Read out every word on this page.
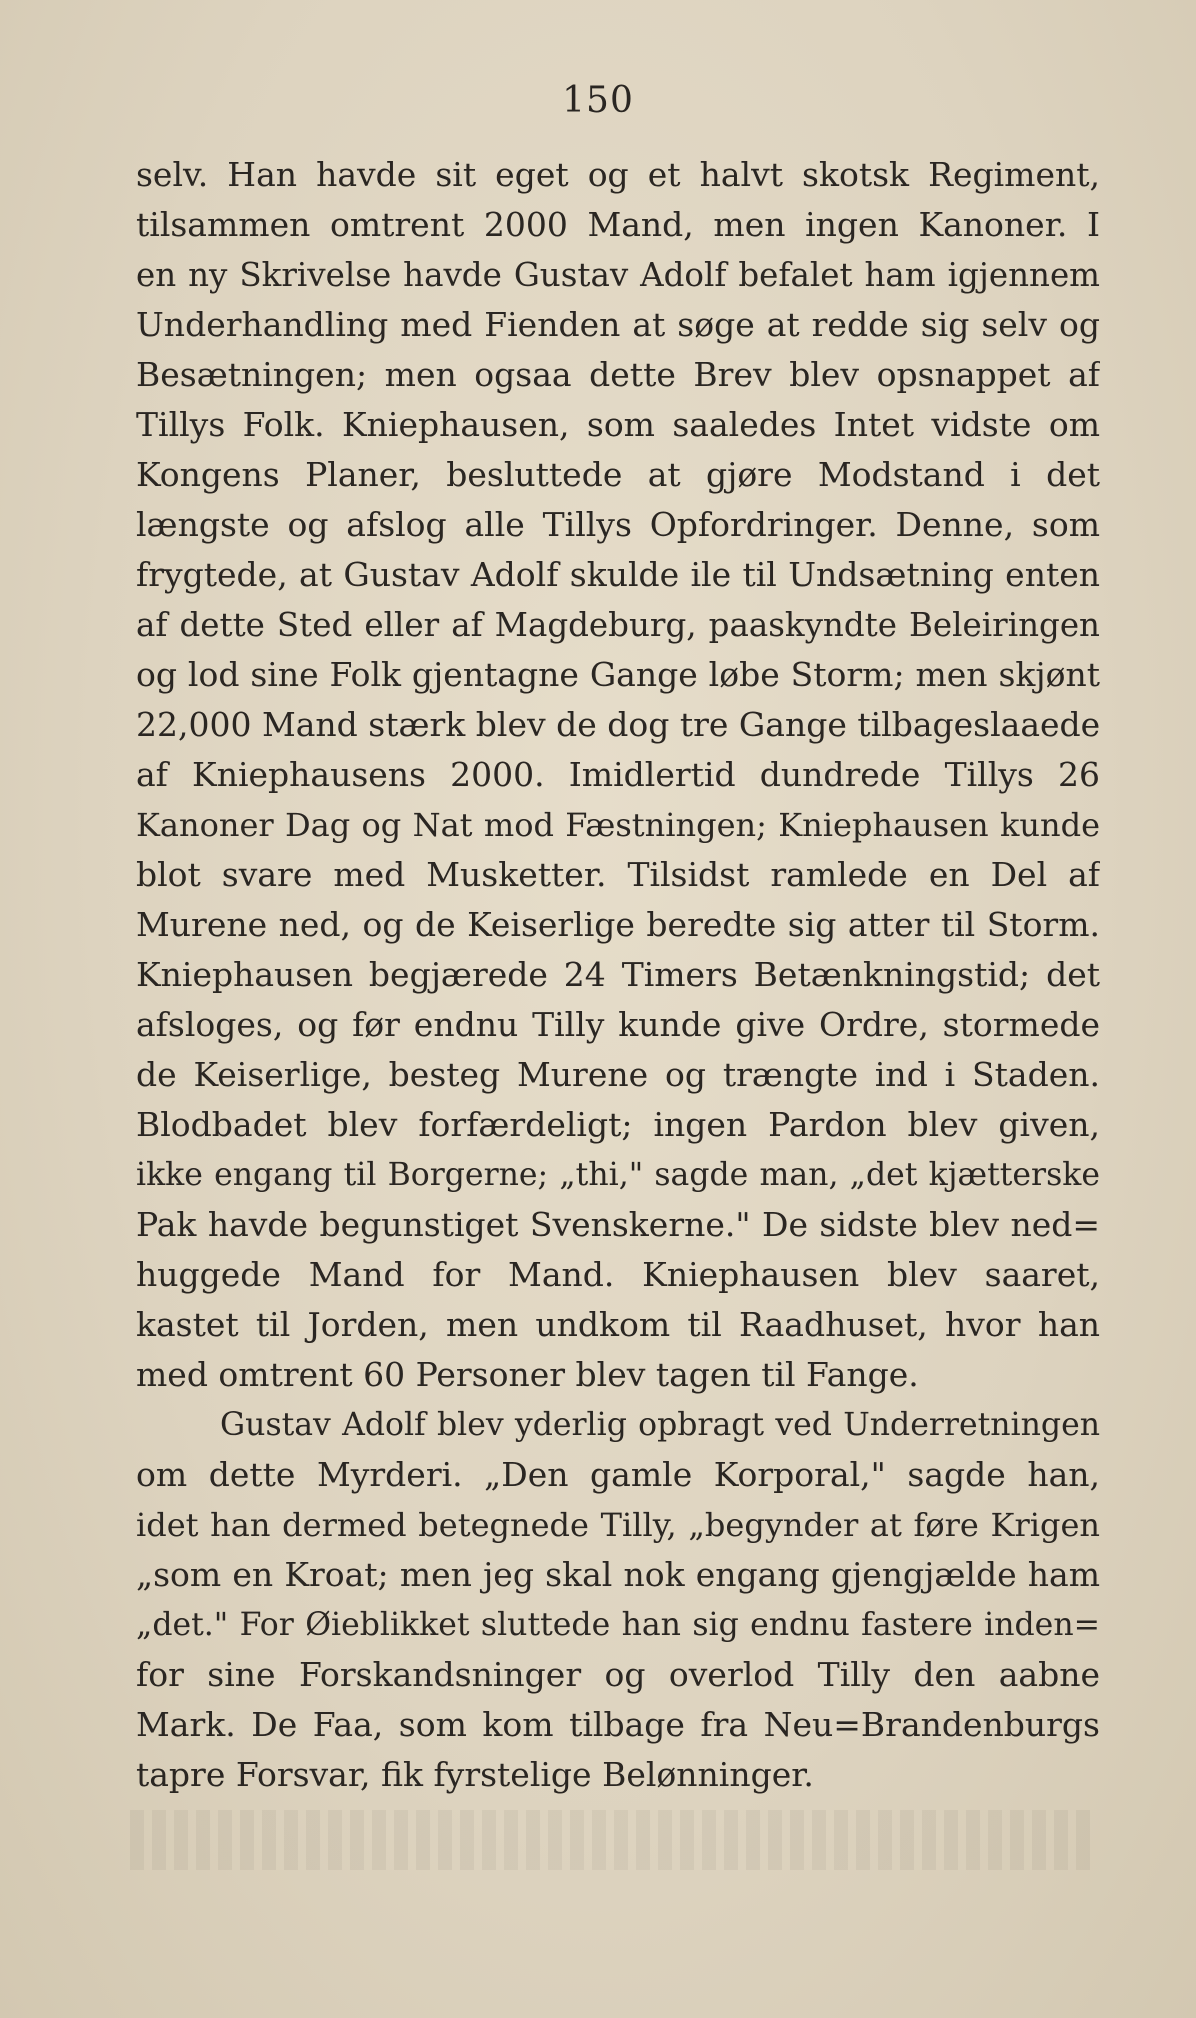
150
selv. Han havde sit eget og et halvt skotsk Regiment,
tilsammen omtrent 2000 Mand, men ingen Kanoner. I
en ny Skrivelse havde Gustav Adolf befalet ham igjennem
Underhandling med Fienden at søge at redde sig selv og
Besætningen; men ogsaa dette Brev blev opsnappet af
Tillys Folk. Kniephausen, som saaledes Intet vidste om
Kongens Planer, besluttede at gjøre Modstand i det
længste og afslog alle Tillys Opfordringer. Denne, som
frygtede, at Gustav Adolf skulde ile til Undsætning enten
af dette Sted eller af Magdeburg, paaskyndte Beleiringen
og lod sine Folk gjentagne Gange løbe Storm; men skjønt
22,000 Mand stærk blev de dog tre Gange tilbageslaaede
af Kniephausens 2000. Imidlertid dundrede Tillys 26
Kanoner Dag og Nat mod Fæstningen; Kniephausen kunde
blot svare med Musketter. Tilsidst ramlede en Del af
Murene ned, og de Keiserlige beredte sig atter til Storm.
Kniephausen begjærede 24 Timers Betænkningstid; det
afsloges, og før endnu Tilly kunde give Ordre, stormede
de Keiserlige, besteg Murene og trængte ind i Staden.
Blodbadet blev forfærdeligt; ingen Pardon blev given,
ikke engang til Borgerne; „thi," sagde man, „det kjætterske
Pak havde begunstiget Svenskerne." De sidste blev ned=
huggede Mand for Mand. Kniephausen blev saaret,
kastet til Jorden, men undkom til Raadhuset, hvor han
med omtrent 60 Personer blev tagen til Fange.
Gustav Adolf blev yderlig opbragt ved Underretningen
om dette Myrderi. „Den gamle Korporal," sagde han,
idet han dermed betegnede Tilly, „begynder at føre Krigen
„som en Kroat; men jeg skal nok engang gjengjælde ham
„det." For Øieblikket sluttede han sig endnu fastere inden=
for sine Forskandsninger og overlod Tilly den aabne
Mark. De Faa, som kom tilbage fra Neu=Brandenburgs
tapre Forsvar, fik fyrstelige Belønninger.
